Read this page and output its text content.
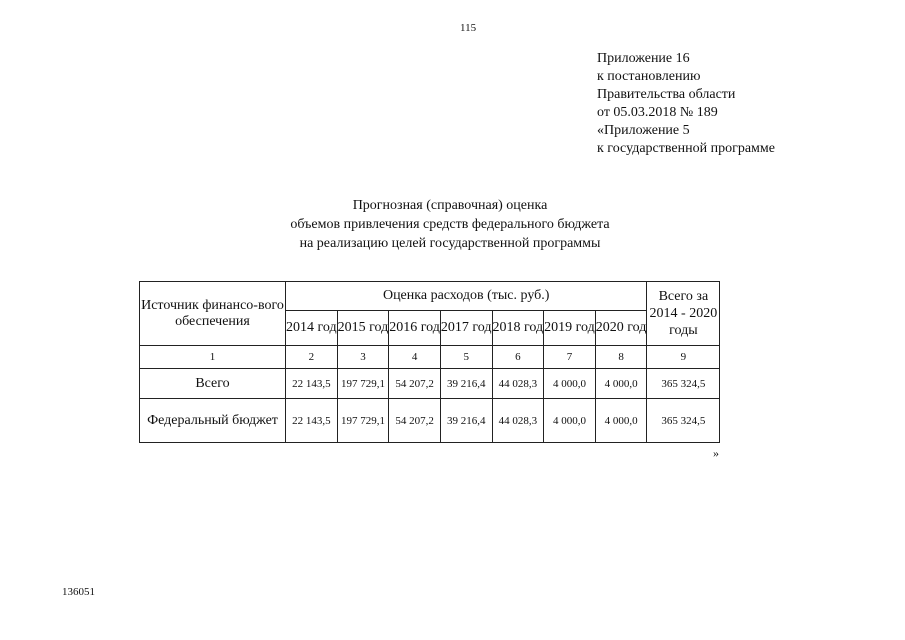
115
Приложение 16
к постановлению
Правительства области
от 05.03.2018 № 189
«Приложение 5
к государственной программе
Прогнозная (справочная) оценка
объемов привлечения средств федерального бюджета
на реализацию целей государственной программы
Источник финансо-вого обеспечения	Оценка расходов (тыс. руб.)							Всего за 2014 - 2020 годы
	2014 год	2015 год	2016 год	2017 год	2018 год	2019 год	2020 год	
1	2	3	4	5	6	7	8	9
Всего	22 143,5	197 729,1	54 207,2	39 216,4	44 028,3	4 000,0	4 000,0	365 324,5
Федеральный бюджет	22 143,5	197 729,1	54 207,2	39 216,4	44 028,3	4 000,0	4 000,0	365 324,5
»
136051
